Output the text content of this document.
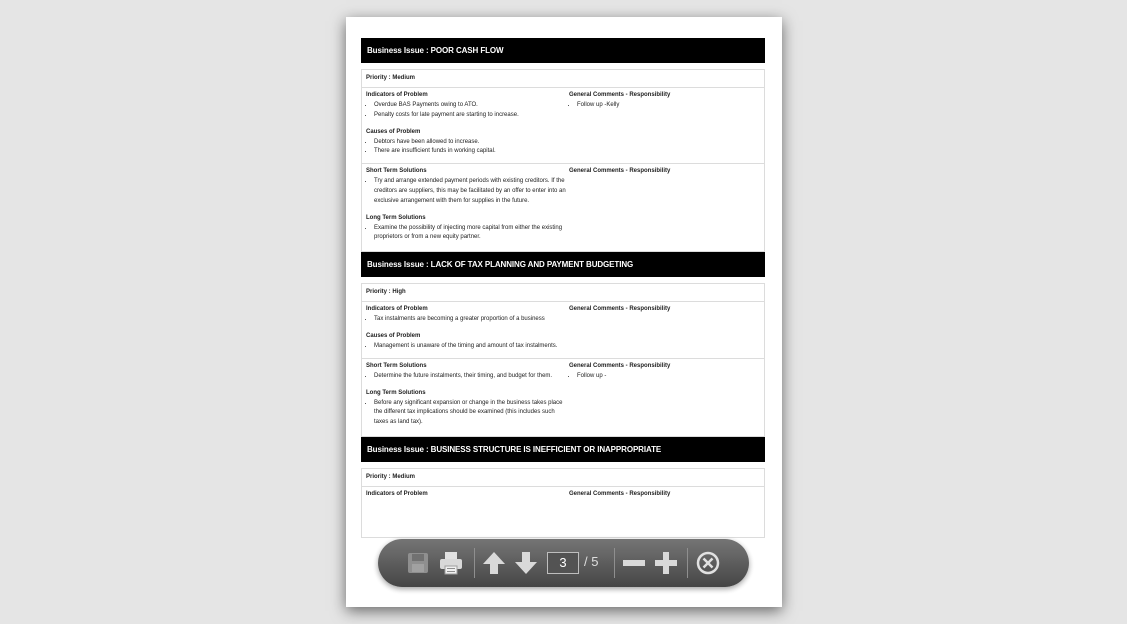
Business Issue : POOR CASH FLOW
Priority : Medium
Indicators of Problem
• Overdue BAS Payments owing to ATO.
• Penalty costs for late payment are starting to increase.
Causes of Problem
• Debtors have been allowed to increase.
• There are insufficient funds in working capital.
General Comments - Responsibility
• Follow up -Kelly
Short Term Solutions
• Try and arrange extended payment periods with existing creditors. If the creditors are suppliers, this may be facilitated by an offer to enter into an exclusive arrangement with them for supplies in the future.
Long Term Solutions
• Examine the possibility of injecting more capital from either the existing proprietors or from a new equity partner.
General Comments - Responsibility
Business Issue : LACK OF TAX PLANNING AND PAYMENT BUDGETING
Priority : High
Indicators of Problem
• Tax instalments are becoming a greater proportion of a business
Causes of Problem
• Management is unaware of the timing and amount of tax instalments.
General Comments - Responsibility
Short Term Solutions
• Determine the future instalments, their timing, and budget for them.
Long Term Solutions
• Before any significant expansion or change in the business takes place the different tax implications should be examined (this includes such taxes as land tax).
General Comments - Responsibility
• Follow up -
Business Issue : BUSINESS STRUCTURE IS INEFFICIENT OR INAPPROPRIATE
Priority : Medium
Indicators of Problem	General Comments - Responsibility
3	/ 5
